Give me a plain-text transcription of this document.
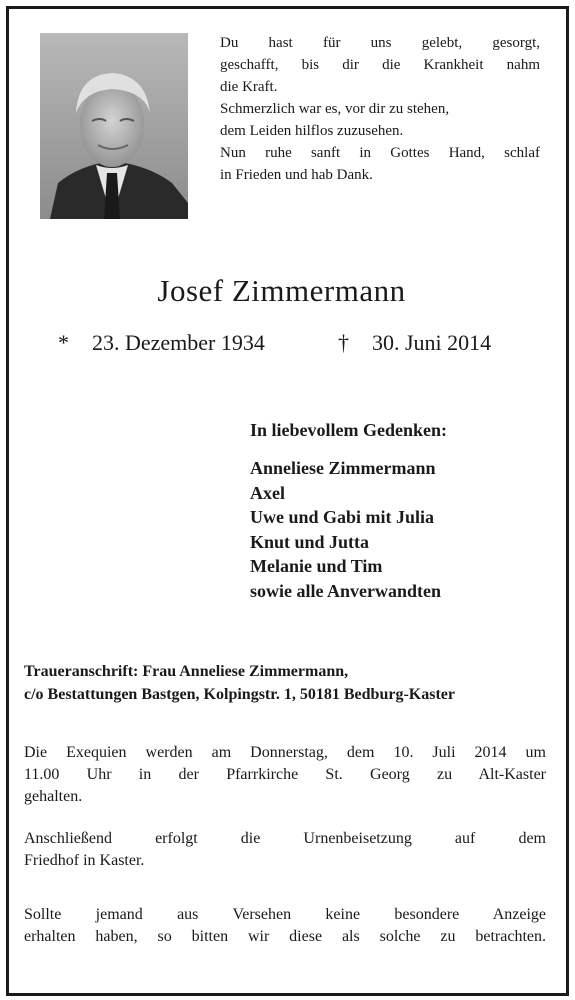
Du hast für uns gelebt, gesorgt,
geschafft, bis dir die Krankheit nahm
die Kraft.
Schmerzlich war es, vor dir zu stehen,
dem Leiden hilflos zuzusehen.
Nun ruhe sanft in Gottes Hand, schlaf
in Frieden und hab Dank.
Josef Zimmermann
* 23. Dezember 1934	† 30. Juni 2014
In liebevollem Gedenken:
Anneliese Zimmermann
Axel
Uwe und Gabi mit Julia
Knut und Jutta
Melanie und Tim
sowie alle Anverwandten
Traueranschrift: Frau Anneliese Zimmermann,
c/o Bestattungen Bastgen, Kolpingstr. 1, 50181 Bedburg-Kaster
Die Exequien werden am Donnerstag, dem 10. Juli 2014 um
11.00 Uhr in der Pfarrkirche St. Georg zu Alt-Kaster
gehalten.
Anschließend erfolgt die Urnenbeisetzung auf dem
Friedhof in Kaster.
Sollte jemand aus Versehen keine besondere Anzeige
erhalten haben, so bitten wir diese als solche zu betrachten.
